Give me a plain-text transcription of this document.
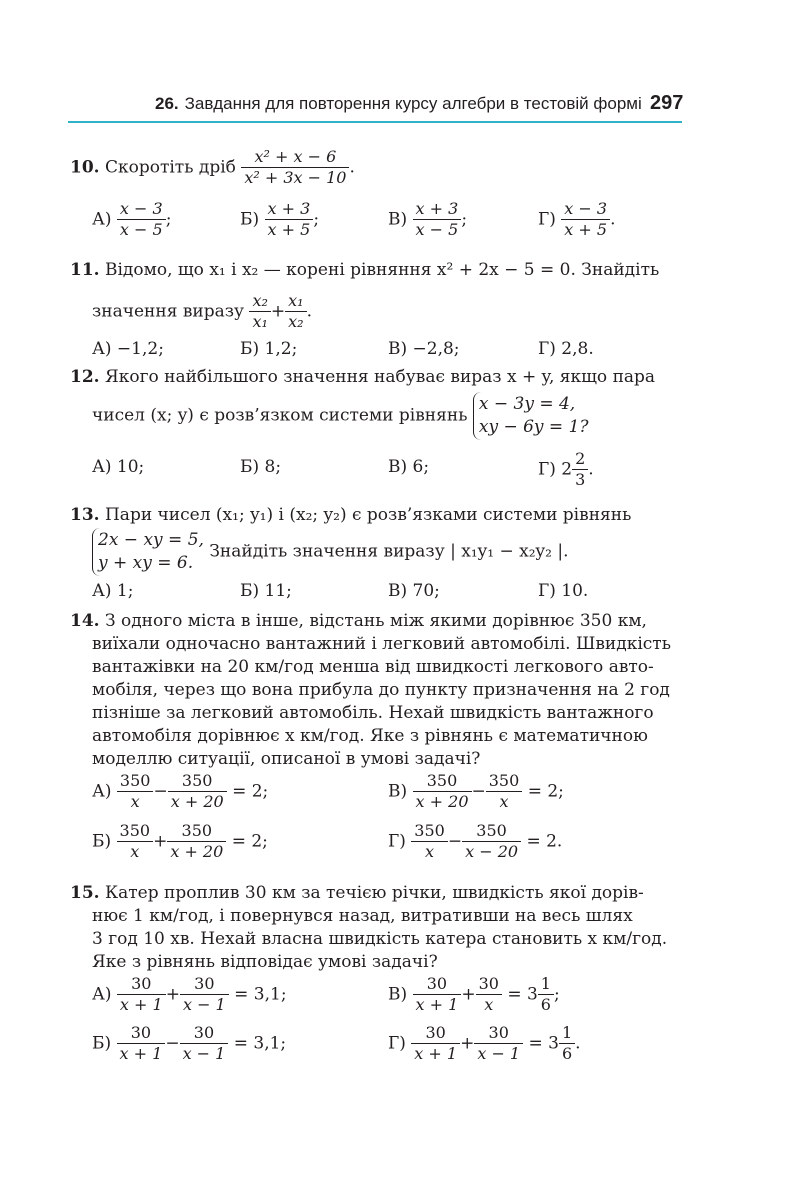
26. Завдання для повторення курсу алгебри в тестовій формі 297
10. Скоротіть дріб $\frac{\text{x² + x − 6}}{\text{x² + 3x − 10}}$ .
$А) \frac{x - 3}{x - 5}$ ;	$Б) \frac{x + 3}{x + 5}$ ;	$В) \frac{x + 3}{x - 5}$ ;	$Г) \frac{x - 3}{x + 5}$ .
11. Відомо, що x₁ і x₂ — корені рівняння x² + 2x − 5 = 0. Знайдіть
значення виразу $\frac{\text{x₂}}{\text{x₁}} + \frac{\text{x₁}}{\text{x₂}}$ .
А) −1,2;	Б) 1,2;	В) −2,8;	Г) 2,8.
12. Якого найбільшого значення набуває вираз x + y, якщо пара
чисел (x; y) є розв’язком системи рівнянь
x − 3y = 4,
xy − 6y = 1?
А) 10;	Б) 8;	В) 6;	Г) $2 \frac{2}{3}$ .
13. Пари чисел (x₁; y₁) і (x₂; y₂) є розв’язками системи рівнянь
2x − xy = 5,
y + xy = 6.
Знайдіть значення виразу | x₁y₁ − x₂y₂ |.
А) 1;	Б) 11;	В) 70;	Г) 10.
14. З одного міста в інше, відстань між якими дорівнює 350 км,
виїхали одночасно вантажний і легковий автомобілі. Швидкість
вантажівки на 20 км/год менша від швидкості легкового авто-
мобіля, через що вона прибула до пункту призначення на 2 год
пізніше за легковий автомобіль. Нехай швидкість вантажного
автомобіля дорівнює x км/год. Яке з рівнянь є математичною
моделлю ситуації, описаної в умові задачі?
$А) \frac{350}{x} - \frac{350}{x + 20} = 2$;	$В) \frac{350}{x + 20} - \frac{350}{x} = 2$;
$Б) \frac{350}{x} + \frac{350}{x + 20} = 2$;	$Г) \frac{350}{x} - \frac{350}{x - 20} = 2$.
15. Катер проплив 30 км за течією річки, швидкість якої дорів-
нює 1 км/год, і повернувся назад, витративши на весь шлях
3 год 10 хв. Нехай власна швидкість катера становить x км/год.
Яке з рівнянь відповідає умові задачі?
$А) \frac{30}{x + 1} + \frac{30}{x - 1} = 3,1$;	$В) \frac{30}{x + 1} + \frac{30}{x} = 3 \frac{1}{6}$ ;
$Б) \frac{30}{x + 1} - \frac{30}{x - 1} = 3,1$;	$Г) \frac{30}{x + 1} + \frac{30}{x - 1} = 3 \frac{1}{6}$ .
